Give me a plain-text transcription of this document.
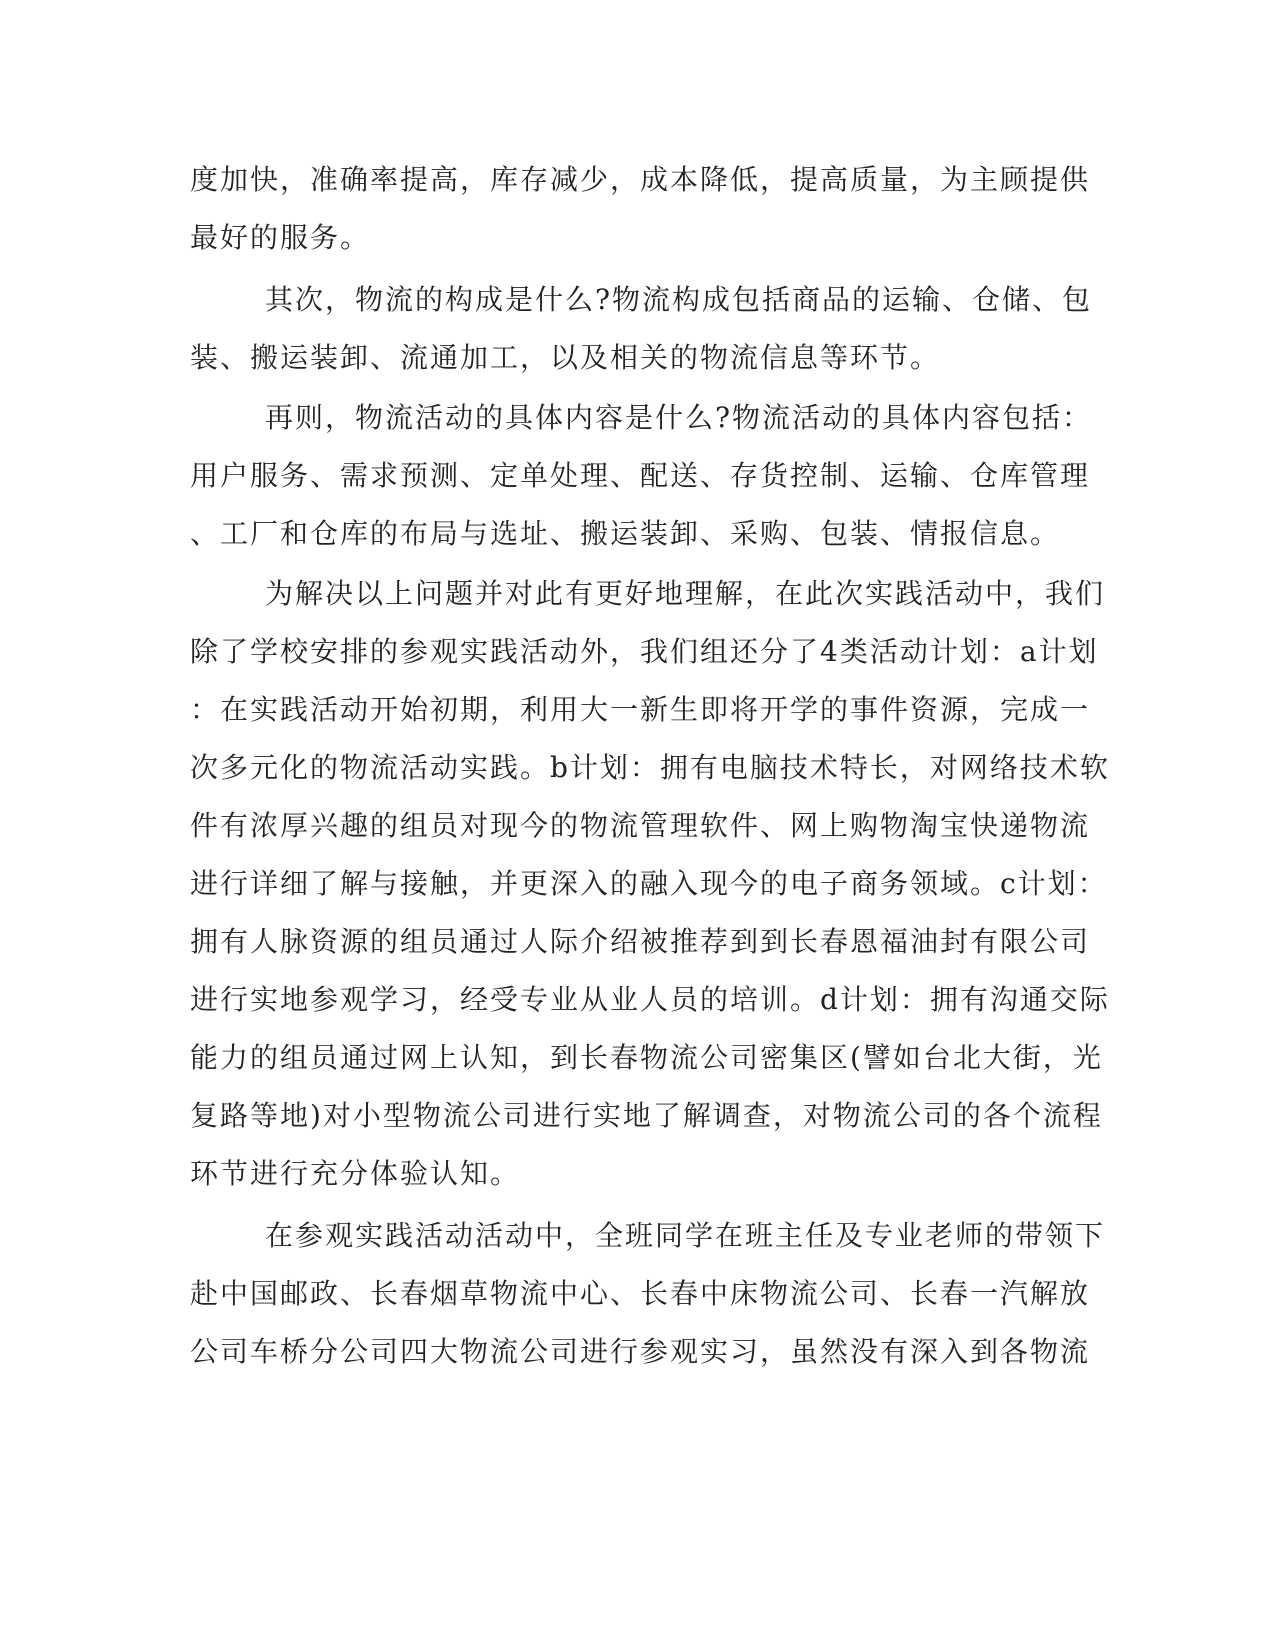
度加快，准确率提高，库存减少，成本降低，提高质量，为主顾提供
最好的服务。
其次，物流的构成是什么?物流构成包括商品的运输、仓储、包
装、搬运装卸、流通加工，以及相关的物流信息等环节。
再则，物流活动的具体内容是什么?物流活动的具体内容包括：
用户服务、需求预测、定单处理、配送、存货控制、运输、仓库管理
、工厂和仓库的布局与选址、搬运装卸、采购、包装、情报信息。
为解决以上问题并对此有更好地理解，在此次实践活动中，我们
除了学校安排的参观实践活动外，我们组还分了4类活动计划：a计划
：在实践活动开始初期，利用大一新生即将开学的事件资源，完成一
次多元化的物流活动实践。b计划：拥有电脑技术特长，对网络技术软
件有浓厚兴趣的组员对现今的物流管理软件、网上购物淘宝快递物流
进行详细了解与接触，并更深入的融入现今的电子商务领域。c计划：
拥有人脉资源的组员通过人际介绍被推荐到到长春恩福油封有限公司
进行实地参观学习，经受专业从业人员的培训。d计划：拥有沟通交际
能力的组员通过网上认知，到长春物流公司密集区(譬如台北大街，光
复路等地)对小型物流公司进行实地了解调查，对物流公司的各个流程
环节进行充分体验认知。
在参观实践活动活动中，全班同学在班主任及专业老师的带领下
赴中国邮政、长春烟草物流中心、长春中床物流公司、长春一汽解放
公司车桥分公司四大物流公司进行参观实习，虽然没有深入到各物流
